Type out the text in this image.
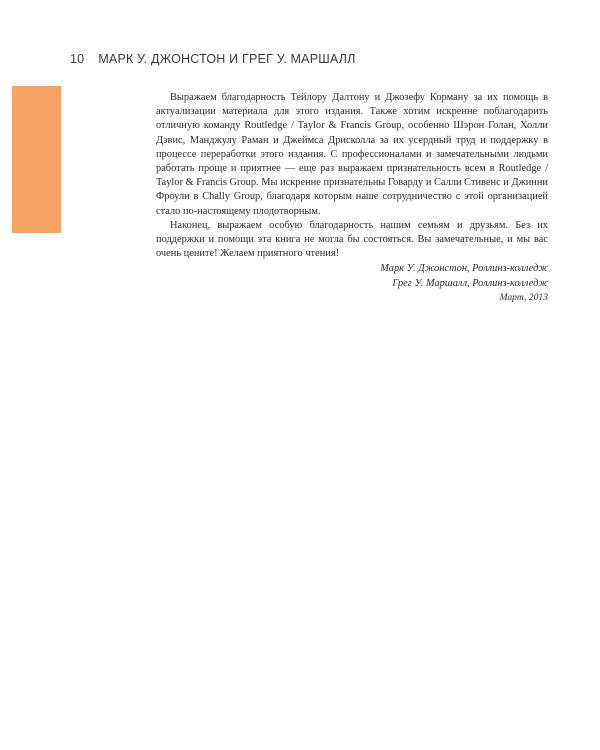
10 МАРК У. ДЖОНСТОН И ГРЕГ У. МАРШАЛЛ

Выражаем благодарность Тейлору Далтону и Джозефу Корману за их помощь в актуализации материала для этого издания. Также хотим искренне поблагодарить отличную команду Routledge / Taylor & Francis Group, особенно Шэрон Голан, Холли Дэвис, Манджулу Раман и Джеймса Дрисколла за их усердный труд и поддержку в процессе переработки этого издания. С профессионалами и замечательными людьми работать проще и приятнее — еще раз выражаем признательность всем в Routledge / Taylor & Francis Group. Мы искренне признательны Говарду и Салли Стивенс и Джинни Фроули в Chally Group, благодаря которым наше сотрудничество с этой организацией стало по-настоящему плодотворным.

Наконец, выражаем особую благодарность нашим семьям и друзьям. Без их поддержки и помощи эта книга не могла бы состояться. Вы замечательные, и мы вас очень цените! Желаем приятного чтения!

Марк У. Джонстон, Роллинз-колледж
Грег У. Маршалл, Роллинз-колледж
Март, 2013
